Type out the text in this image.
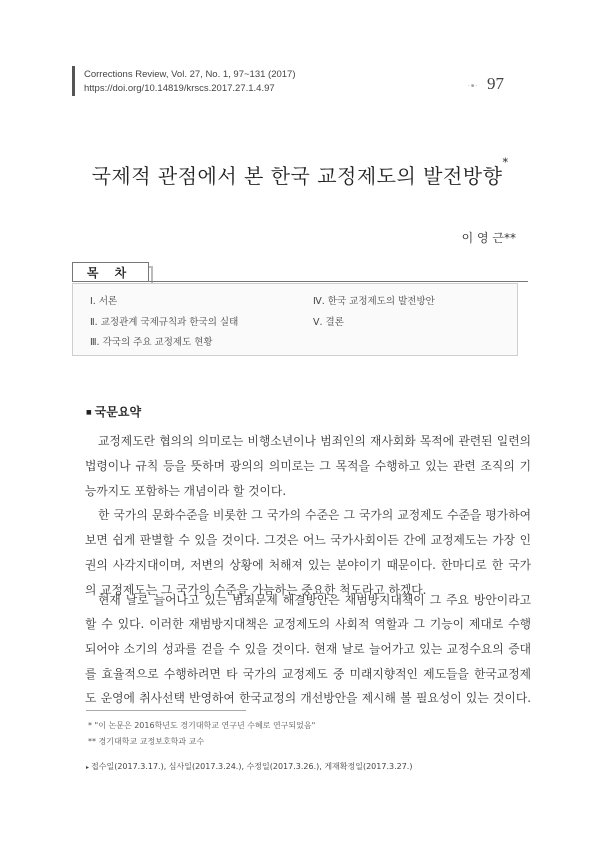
Corrections Review, Vol. 27, No. 1, 97~131 (2017)
https://doi.org/10.14819/krscs.2017.27.1.4.97	- ■ - 97
국제적 관점에서 본 한국 교정제도의 발전방향*
이 영 근**
목 차
Ⅰ. 서론
Ⅱ. 교정관계 국제규칙과 한국의 실태
Ⅲ. 각국의 주요 교정제도 현황
Ⅳ. 한국 교정제도의 발전방안
Ⅴ. 결론
■ 국문요약
교정제도란 협의의 의미로는 비행소년이나 범죄인의 재사회화 목적에 관련된 일련의
법령이나 규칙 등을 뜻하며 광의의 의미로는 그 목적을 수행하고 있는 관련 조직의 기
능까지도 포함하는 개념이라 할 것이다.
한 국가의 문화수준을 비롯한 그 국가의 수준은 그 국가의 교정제도 수준을 평가하여
보면 쉽게 판별할 수 있을 것이다. 그것은 어느 국가사회이든 간에 교정제도는 가장 인
권의 사각지대이며, 저변의 상황에 처해져 있는 분야이기 때문이다. 한마디로 한 국가
의 교정제도는 그 국가의 수준을 가늠하는 중요한 척도라고 하겠다.
현재 날로 늘어나고 있는 범죄문제 해결방안은 재범방지대책이 그 주요 방안이라고
할 수 있다. 이러한 재범방지대책은 교정제도의 사회적 역할과 그 기능이 제대로 수행
되어야 소기의 성과를 걷을 수 있을 것이다. 현재 날로 늘어가고 있는 교정수요의 증대
를 효율적으로 수행하려면 타 국가의 교정제도 중 미래지향적인 제도들을 한국교정제
* "이 논문은 2016학년도 경기대학교 연구년 수혜로 연구되었음"
** 경기대학교 교정보호학과 교수
▸ 접수일(2017.3.17.), 심사일(2017.3.24.), 수정일(2017.3.26.), 게재확정일(2017.3.27.)
도 운영에 취사선택 반영하여 한국교정의 개선방안을 제시해 볼 필요성이 있는 것이다.
